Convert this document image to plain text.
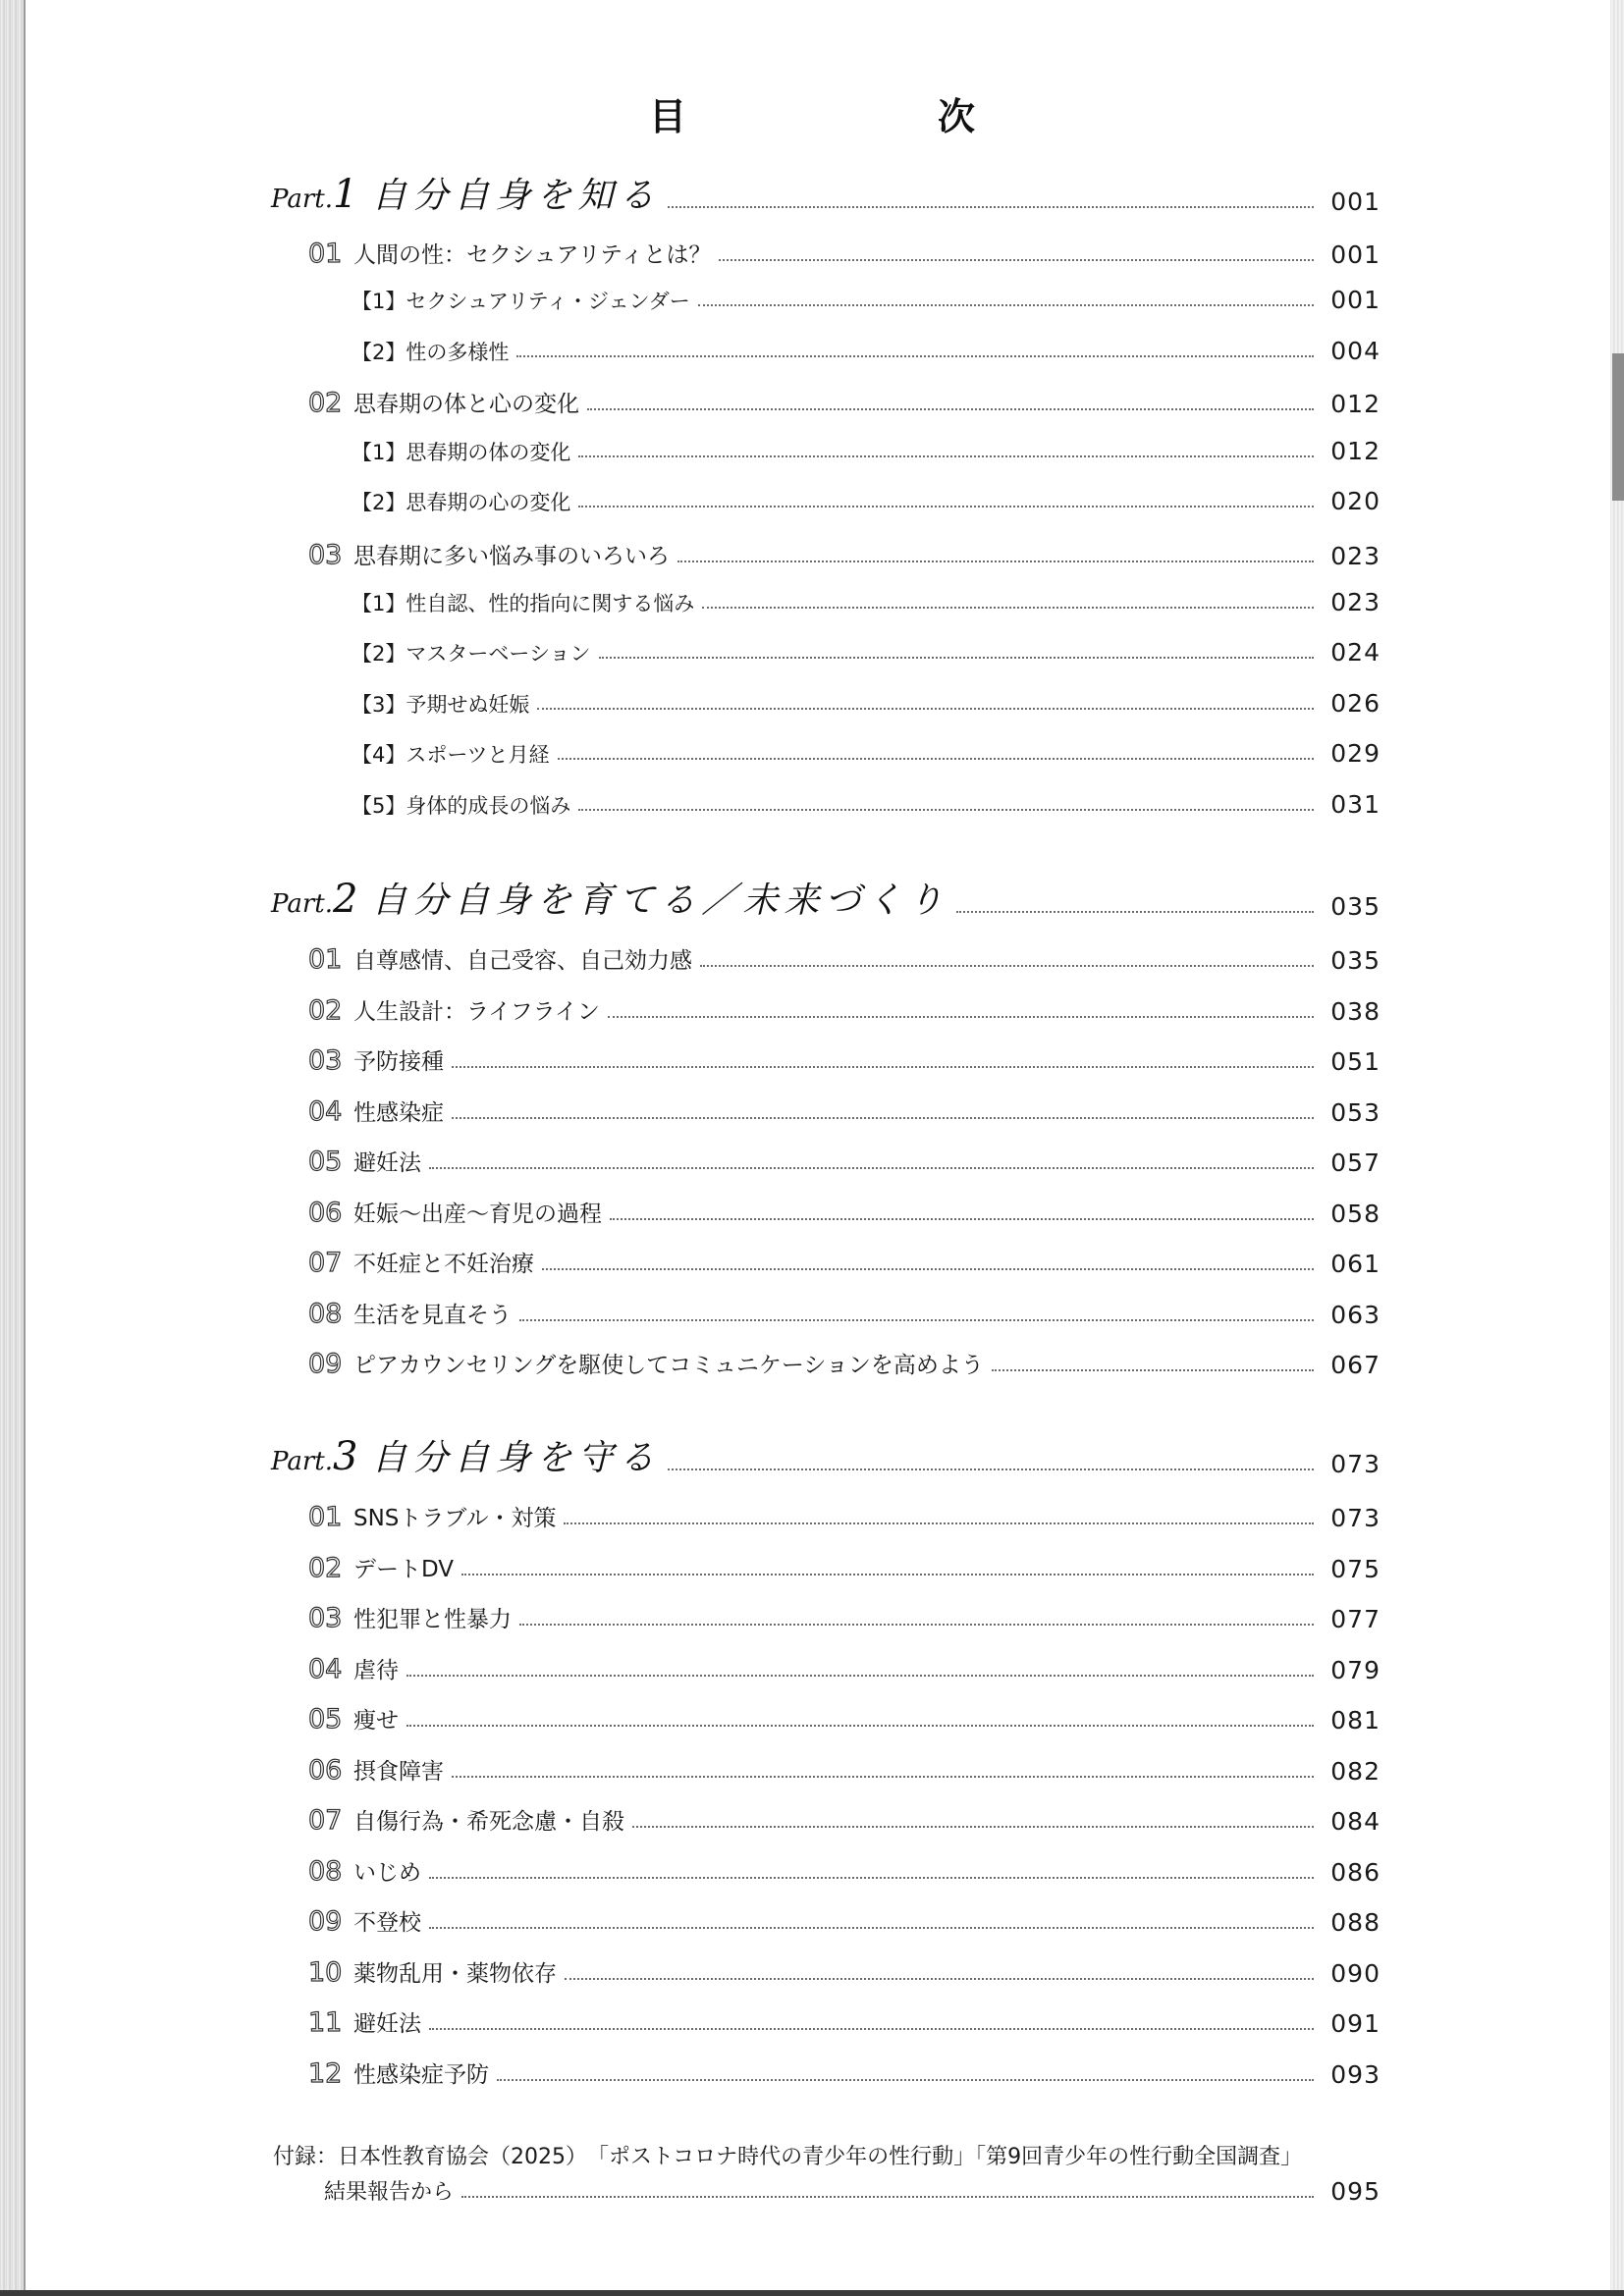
目　　次
Part.1 自分自身を知る	001
01 人間の性：セクシュアリティとは？	001
【1】セクシュアリティ・ジェンダー	001
【2】性の多様性	004
02 思春期の体と心の変化	012
【1】思春期の体の変化	012
【2】思春期の心の変化	020
03 思春期に多い悩み事のいろいろ	023
【1】性自認、性的指向に関する悩み	023
【2】マスターベーション	024
【3】予期せぬ妊娠	026
【4】スポーツと月経	029
【5】身体的成長の悩み	031
Part.2 自分自身を育てる／未来づくり	035
01 自尊感情、自己受容、自己効力感	035
02 人生設計：ライフライン	038
03 予防接種	051
04 性感染症	053
05 避妊法	057
06 妊娠～出産～育児の過程	058
07 不妊症と不妊治療	061
08 生活を見直そう	063
09 ピアカウンセリングを駆使してコミュニケーションを高めよう	067
Part.3 自分自身を守る	073
01 SNSトラブル・対策	073
02 デートDV	075
03 性犯罪と性暴力	077
04 虐待	079
05 痩せ	081
06 摂食障害	082
07 自傷行為・希死念慮・自殺	084
08 いじめ	086
09 不登校	088
10 薬物乱用・薬物依存	090
11 避妊法	091
12 性感染症予防	093
付録：日本性教育協会（2025）　「ポストコロナ時代の青少年の性行動」「第9回青少年の性行動全国調査」
結果報告から	095
